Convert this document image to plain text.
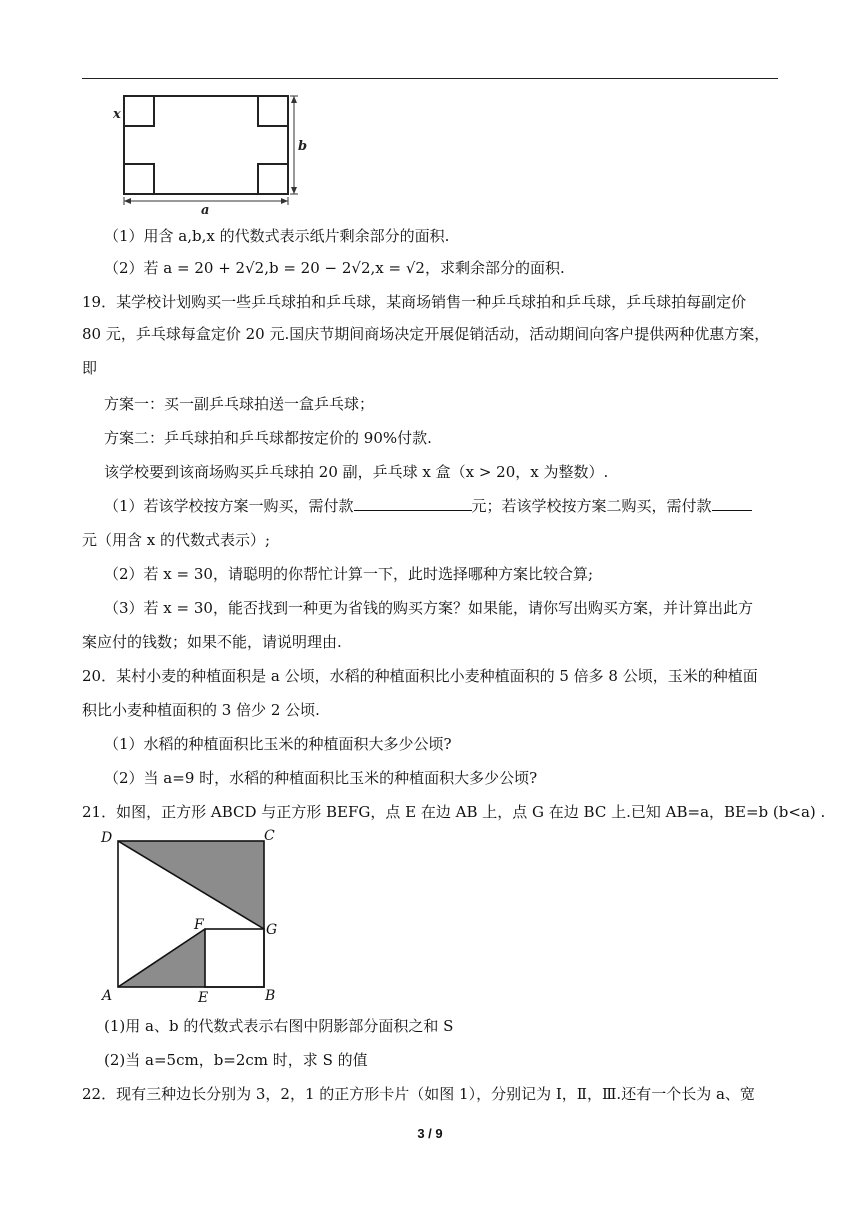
x
b
a
（1）用含 a,b,x 的代数式表示纸片剩余部分的面积.
（2）若 a = 20 + 2√2,b = 20 − 2√2,x = √2，求剩余部分的面积.
19．某学校计划购买一些乒乓球拍和乒乓球，某商场销售一种乒乓球拍和乒乓球，乒乓球拍每副定价
80 元，乒乓球每盒定价 20 元.国庆节期间商场决定开展促销活动，活动期间向客户提供两种优惠方案，
即
方案一：买一副乒乓球拍送一盒乒乓球；
方案二：乒乓球拍和乒乓球都按定价的 90%付款.
该学校要到该商场购买乒乓球拍 20 副，乒乓球 x 盒（x > 20，x 为整数）.
（1）若该学校按方案一购买，需付款	元；若该学校按方案二购买，需付款
元（用含 x 的代数式表示）;
（2）若 x = 30，请聪明的你帮忙计算一下，此时选择哪种方案比较合算;
（3）若 x = 30，能否找到一种更为省钱的购买方案？如果能，请你写出购买方案，并计算出此方
案应付的钱数；如果不能，请说明理由.
20．某村小麦的种植面积是 a 公顷，水稻的种植面积比小麦种植面积的 5 倍多 8 公顷，玉米的种植面
积比小麦种植面积的 3 倍少 2 公顷.
（1）水稻的种植面积比玉米的种植面积大多少公顷?
（2）当 a=9 时，水稻的种植面积比玉米的种植面积大多少公顷?
21．如图，正方形 ABCD 与正方形 BEFG，点 E 在边 AB 上，点 G 在边 BC 上.已知 AB=a，BE=b (b<a) .
D	C
F	G
A	E	B
(1)用 a、b 的代数式表示右图中阴影部分面积之和 S
(2)当 a=5cm，b=2cm 时，求 S 的值
22．现有三种边长分别为 3，2，1 的正方形卡片（如图 1），分别记为 Ⅰ，Ⅱ，Ⅲ.还有一个长为 a、宽
3 / 9
